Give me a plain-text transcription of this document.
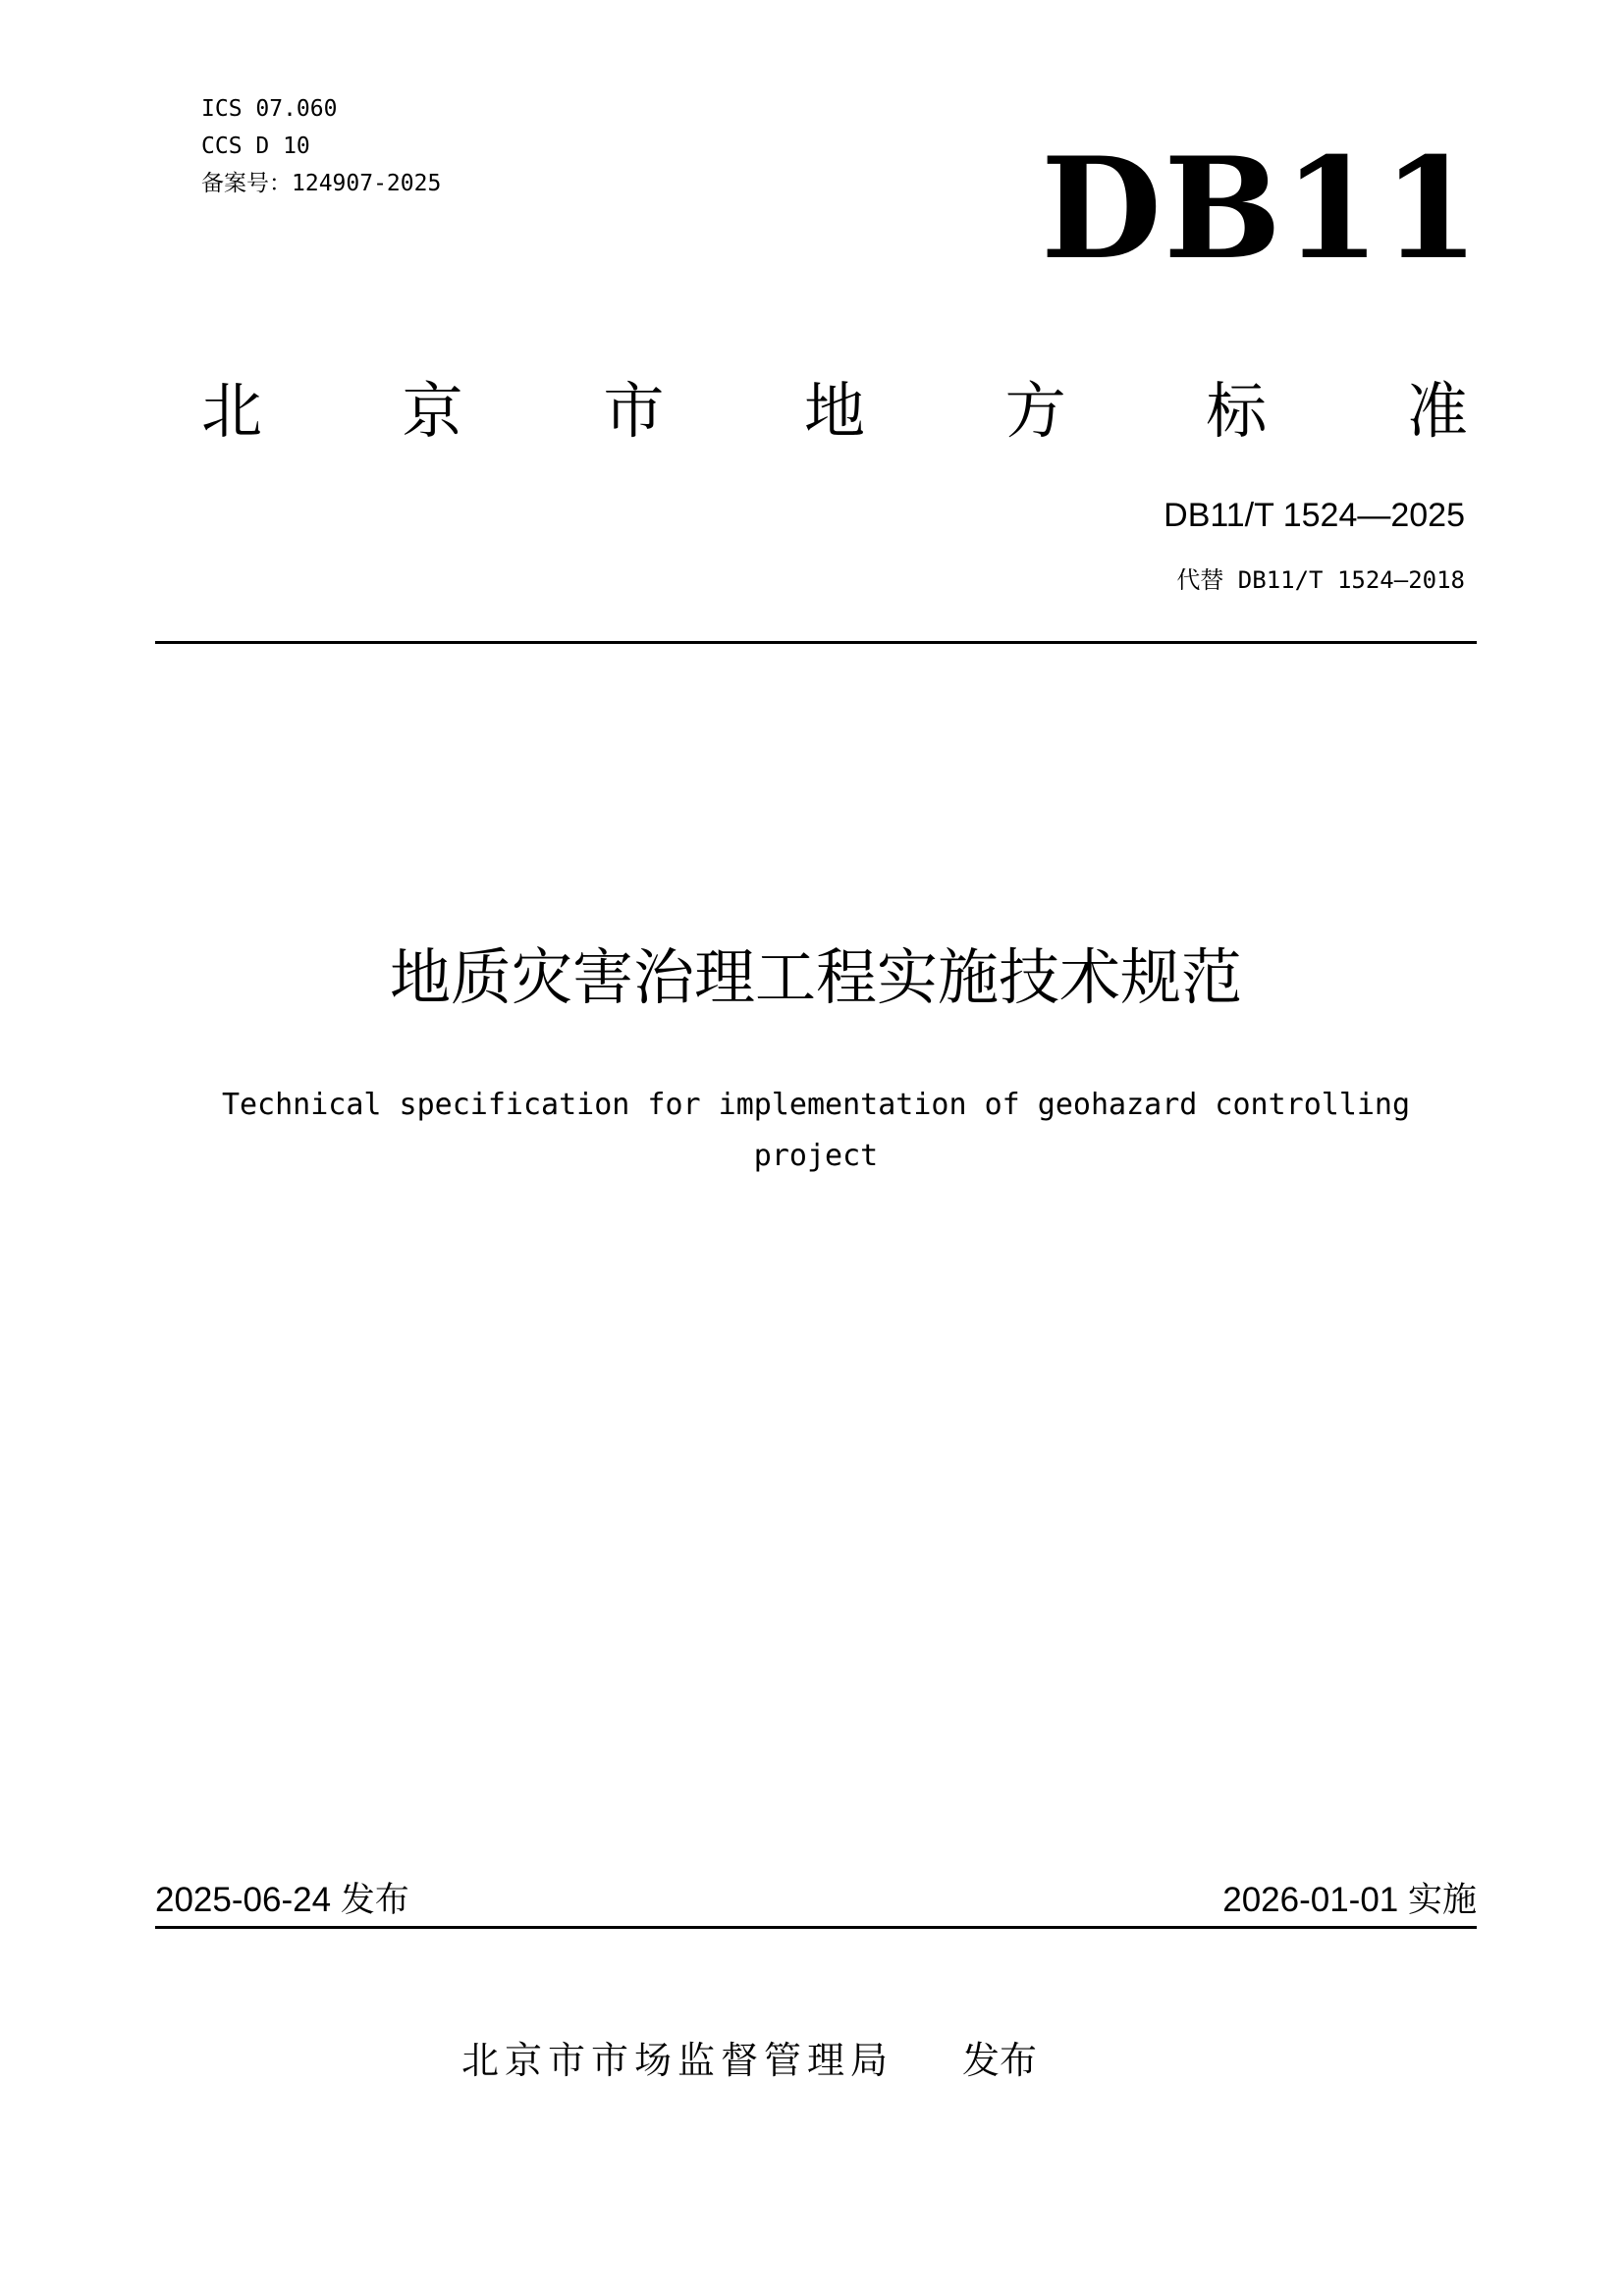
ICS 07.060
CCS D 10
备案号：124907-2025	DB11
北 京 市 地 方 标 准
DB11/T 1524—2025
代替 DB11/T 1524—2018
地质灾害治理工程实施技术规范
Technical specification for implementation of geohazard controlling project
2025-06-24 发布	2026-01-01 实施
北京市市场监督管理局 发布
